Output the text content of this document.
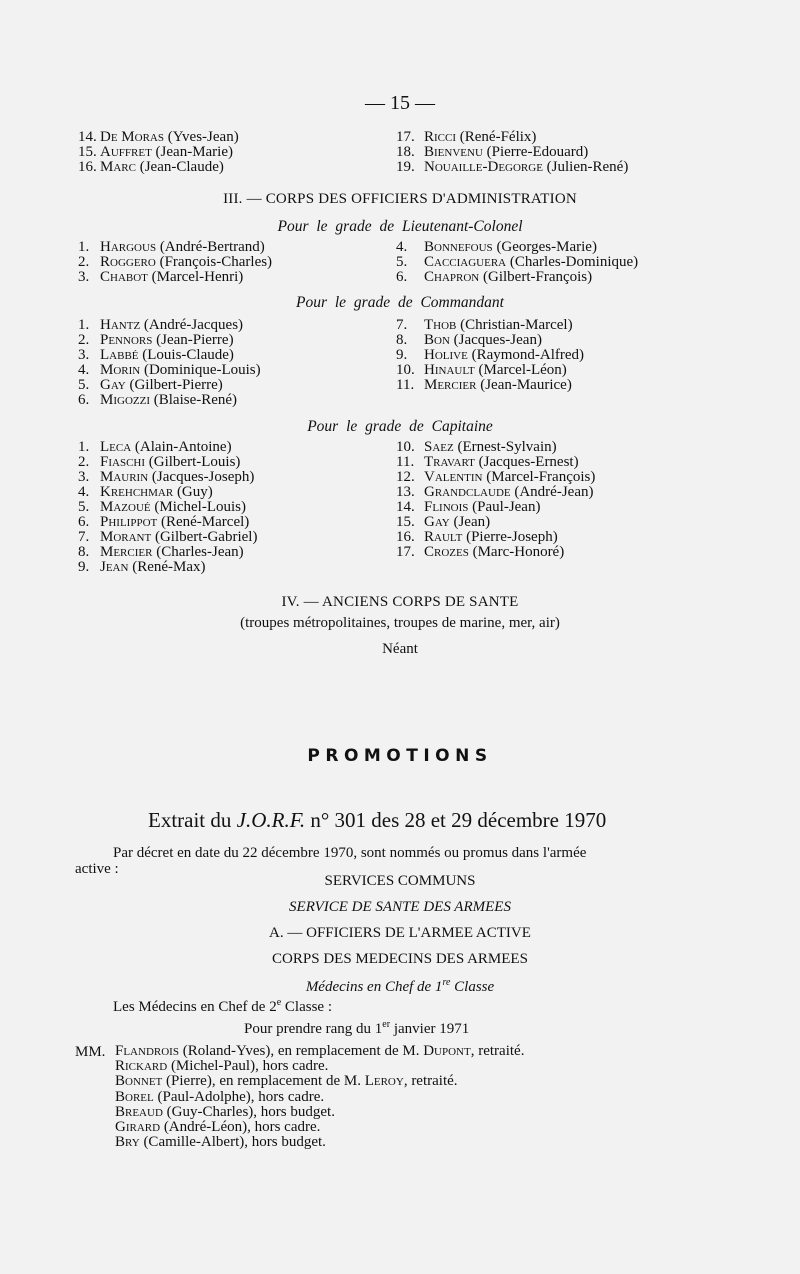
— 15 —
14. De Moras (Yves-Jean)
15. Auffret (Jean-Marie)
16. Marc (Jean-Claude)
17. Ricci (René-Félix)
18. Bienvenu (Pierre-Edouard)
19. Nouaille-Degorge (Julien-René)
III. — CORPS DES OFFICIERS D'ADMINISTRATION
Pour le grade de Lieutenant-Colonel
1. Hargous (André-Bertrand)
2. Roggero (François-Charles)
3. Chabot (Marcel-Henri)
4. Bonnefous (Georges-Marie)
5. Cacciaguera (Charles-Dominique)
6. Chapron (Gilbert-François)
Pour le grade de Commandant
1. Hantz (André-Jacques)
2. Pennors (Jean-Pierre)
3. Labbé (Louis-Claude)
4. Morin (Dominique-Louis)
5. Gay (Gilbert-Pierre)
6. Migozzi (Blaise-René)
7. Thob (Christian-Marcel)
8. Bon (Jacques-Jean)
9. Holive (Raymond-Alfred)
10. Hinault (Marcel-Léon)
11. Mercier (Jean-Maurice)
Pour le grade de Capitaine
1. Leca (Alain-Antoine)
2. Fiaschi (Gilbert-Louis)
3. Maurin (Jacques-Joseph)
4. Krehchmar (Guy)
5. Mazoué (Michel-Louis)
6. Philippot (René-Marcel)
7. Morant (Gilbert-Gabriel)
8. Mercier (Charles-Jean)
9. Jean (René-Max)
10. Saez (Ernest-Sylvain)
11. Travart (Jacques-Ernest)
12. Valentin (Marcel-François)
13. Grandclaude (André-Jean)
14. Flinois (Paul-Jean)
15. Gay (Jean)
16. Rault (Pierre-Joseph)
17. Crozes (Marc-Honoré)
IV. — ANCIENS CORPS DE SANTE
(troupes métropolitaines, troupes de marine, mer, air)
Néant
PROMOTIONS
Extrait du J.O.R.F. n° 301 des 28 et 29 décembre 1970
Par décret en date du 22 décembre 1970, sont nommés ou promus dans l'armée
active :
SERVICES COMMUNS
SERVICE DE SANTE DES ARMEES
A. — OFFICIERS DE L'ARMEE ACTIVE
CORPS DES MEDECINS DES ARMEES
Médecins en Chef de 1re Classe
Les Médecins en Chef de 2e Classe :
Pour prendre rang du 1er janvier 1971
MM. Flandrois (Roland-Yves), en remplacement de M. Dupont, retraité.
Rickard (Michel-Paul), hors cadre.
Bonnet (Pierre), en remplacement de M. Leroy, retraité.
Borel (Paul-Adolphe), hors cadre.
Breaud (Guy-Charles), hors budget.
Girard (André-Léon), hors cadre.
Bry (Camille-Albert), hors budget.
